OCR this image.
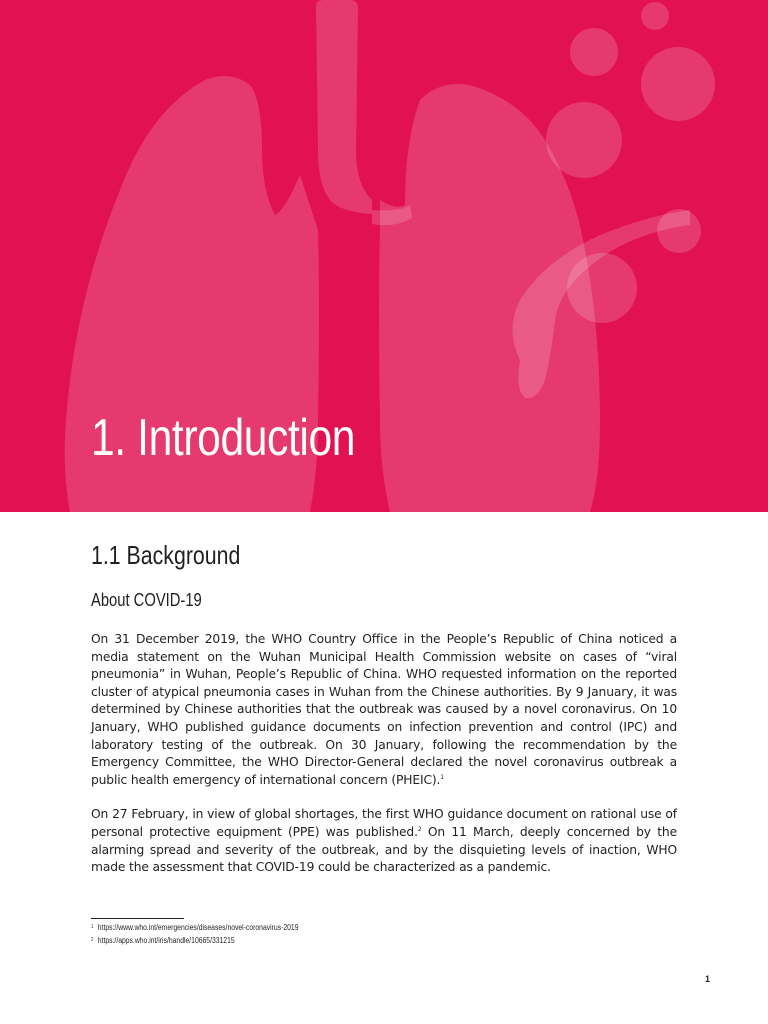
1. Introduction
1.1 Background
About COVID-19

On 31 December 2019, the WHO Country Office in the People’s Republic of China noticed a media statement on the Wuhan Municipal Health Commission website on cases of “viral pneumonia” in Wuhan, People’s Republic of China. WHO requested information on the reported cluster of atypical pneumonia cases in Wuhan from the Chinese authorities. By 9 January, it was determined by Chinese authorities that the outbreak was caused by a novel coronavirus. On 10 January, WHO published guidance documents on infection prevention and control (IPC) and laboratory testing of the outbreak. On 30 January, following the recommendation by the Emergency Committee, the WHO Director-General declared the novel coronavirus outbreak a public health emergency of international concern (PHEIC).$^1$

On 27 February, in view of global shortages, the first WHO guidance document on rational use of personal protective equipment (PPE) was published.$^2$ On 11 March, deeply concerned by the alarming spread and severity of the outbreak, and by the disquieting levels of inaction, WHO made the assessment that COVID-19 could be characterized as a pandemic.

1 https://www.who.int/emergencies/diseases/novel-coronavirus-2019
2 https://apps.who.int/iris/handle/10665/331215
1
